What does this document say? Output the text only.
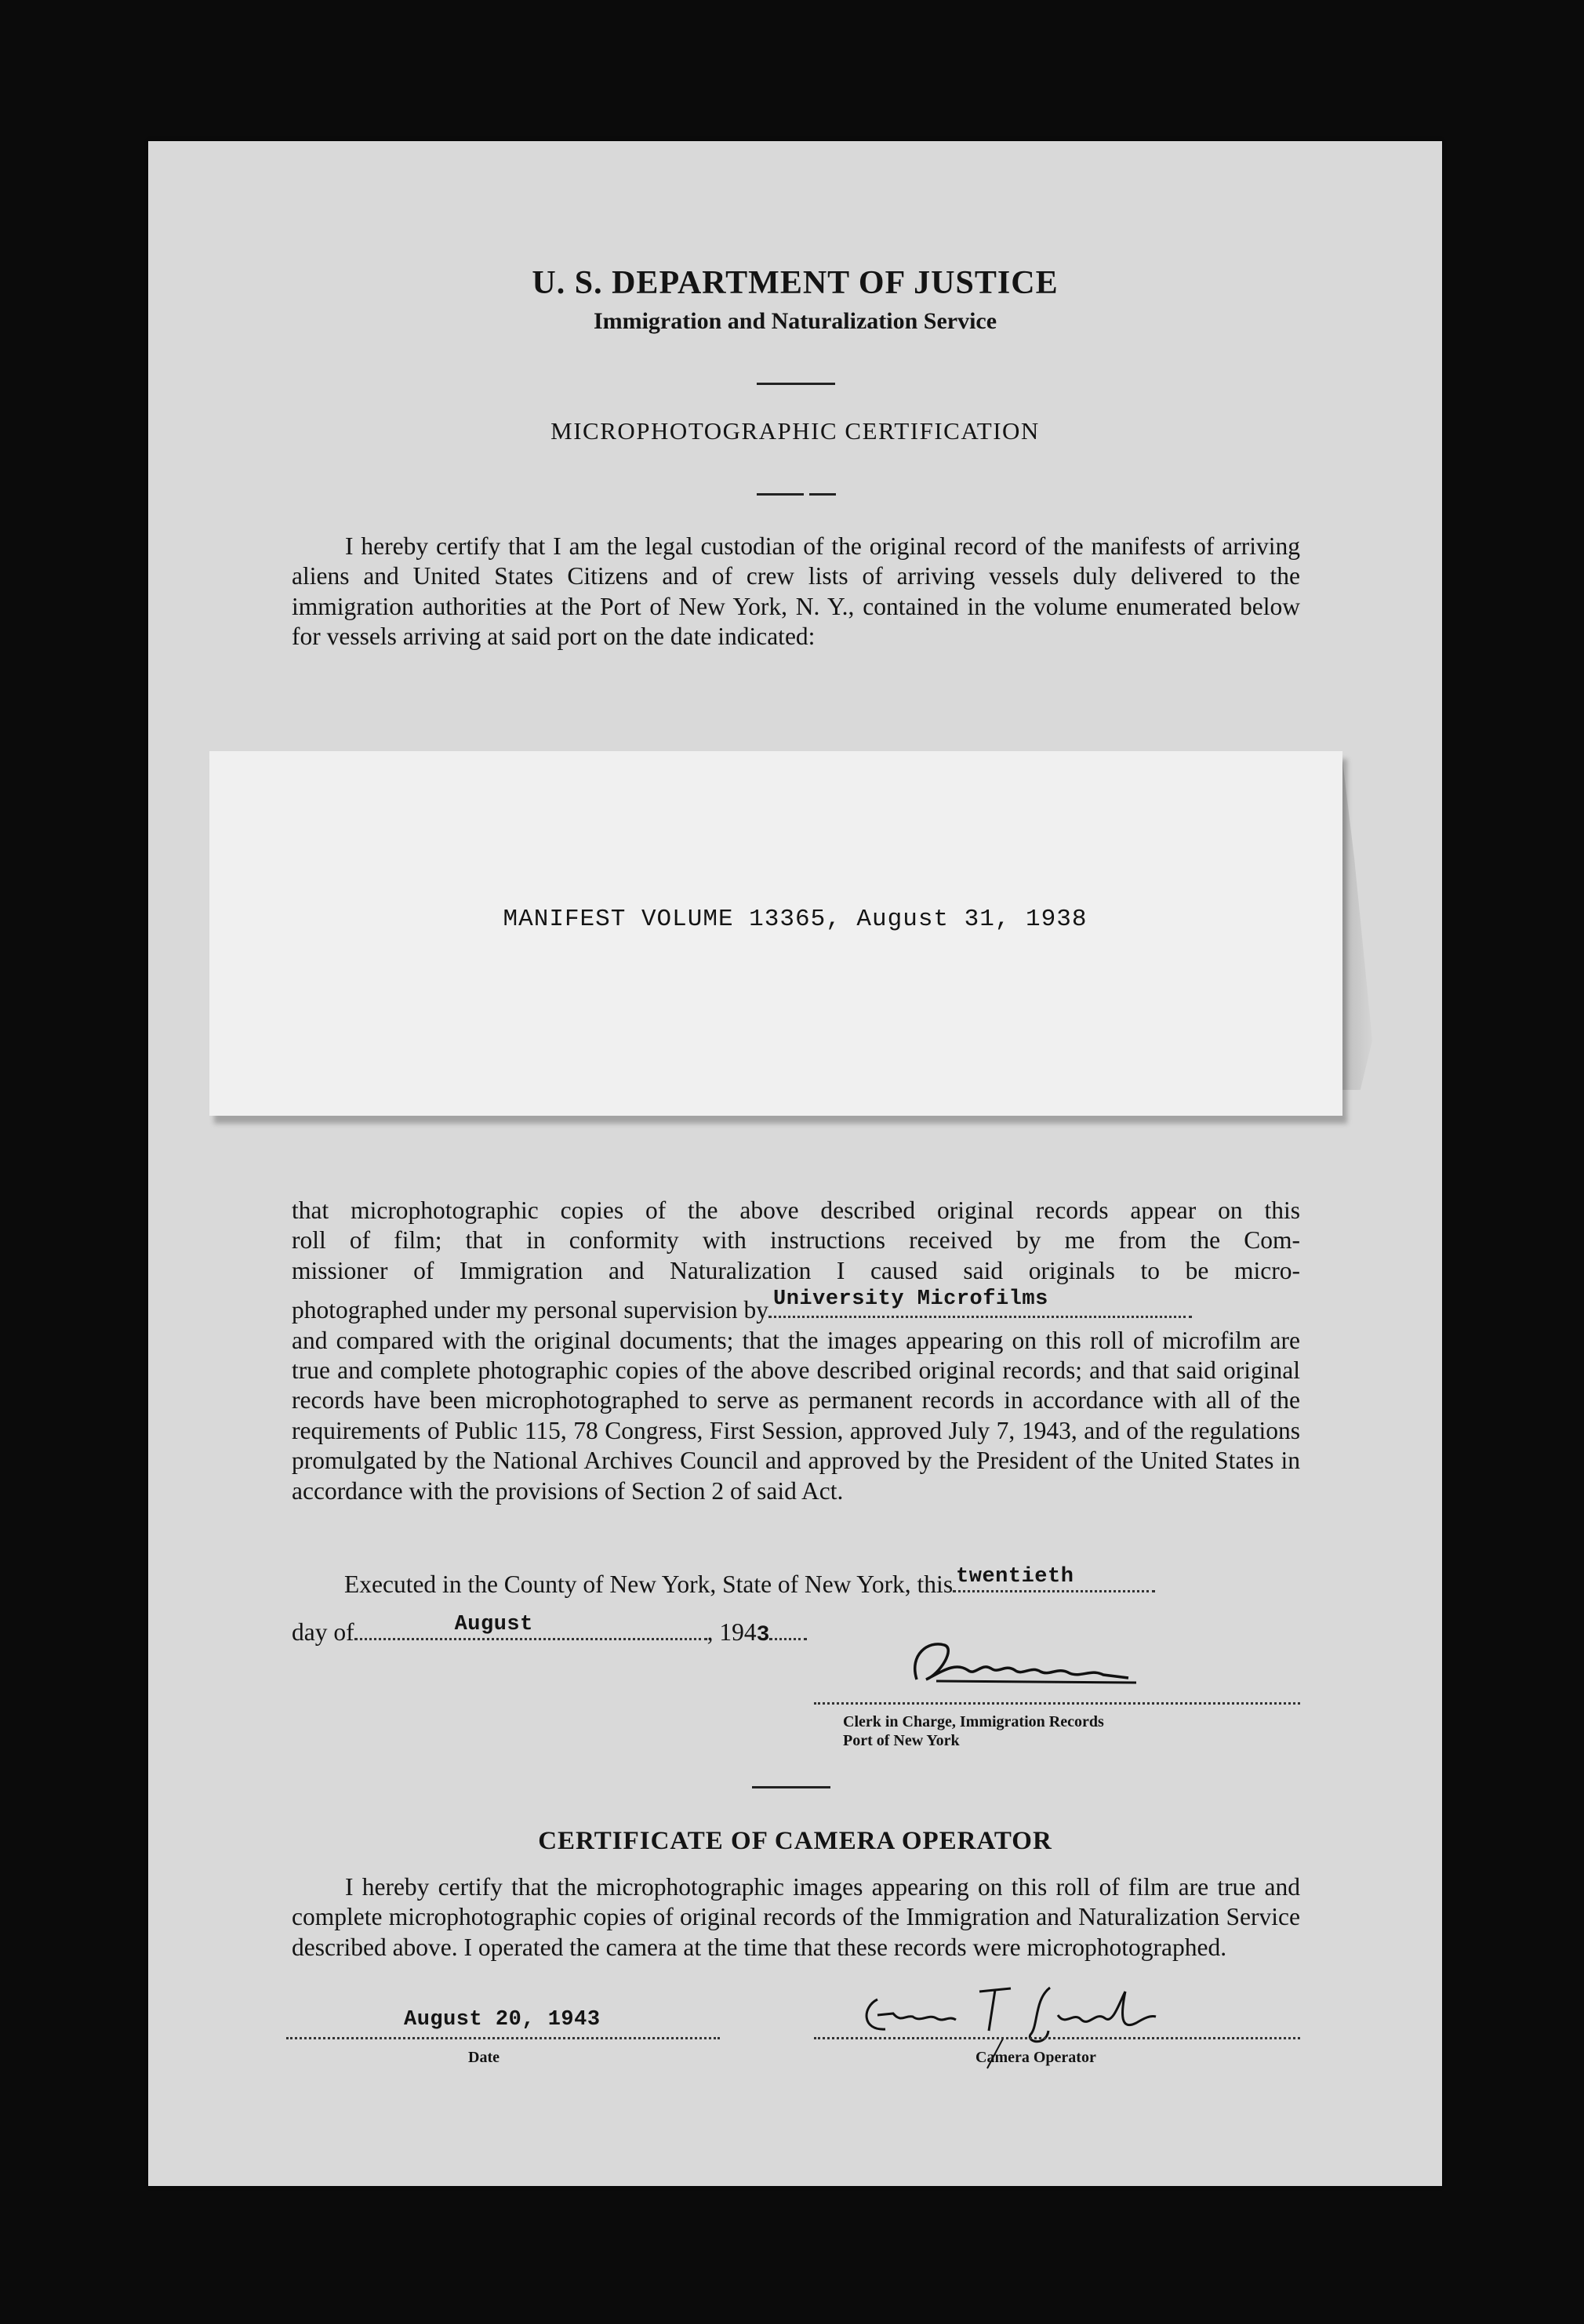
U. S. DEPARTMENT OF JUSTICE
Immigration and Naturalization Service
MICROPHOTOGRAPHIC CERTIFICATION

I hereby certify that I am the legal custodian of the original record of the manifests of arriving aliens and United States Citizens and of crew lists of arriving vessels duly delivered to the immigration authorities at the Port of New York, N. Y., contained in the volume enumerated below for vessels arriving at said port on the date indicated:

MANIFEST VOLUME 13365, August 31, 1938

that microphotographic copies of the above described original records appear on this

roll of film; that in conformity with instructions received by me from the Com-

missioner of Immigration and Naturalization I caused said originals to be micro-

photographed under my personal supervision by University Microfilms

and compared with the original documents; that the images appearing on this roll of microfilm are true and complete photographic copies of the above described original records; and that said original records have been microphotographed to serve as permanent records in accordance with all of the requirements of Public 115, 78 Congress, First Session, approved July 7, 1943, and of the regulations promulgated by the National Archives Council and approved by the President of the United States in accordance with the provisions of Section 2 of said Act.

Executed in the County of New York, State of New York, this twentieth
day of	August	, 1943
Clerk in Charge, Immigration Records
Port of New York
CERTIFICATE OF CAMERA OPERATOR

I hereby certify that the microphotographic images appearing on this roll of film are true and complete microphotographic copies of original records of the Immigration and Naturalization Service described above. I operated the camera at the time that these records were microphotographed.

August 20, 1943
Date	Camera Operator
